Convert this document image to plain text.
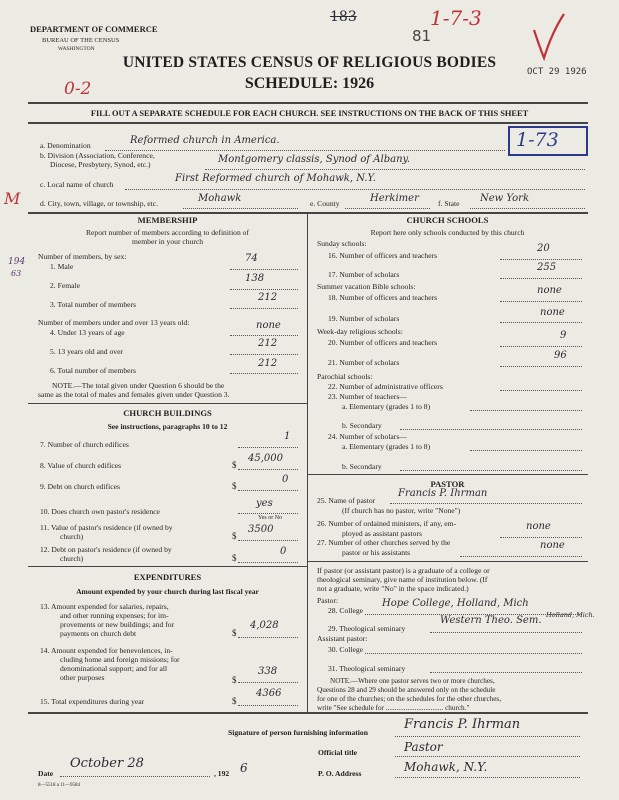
DEPARTMENT OF COMMERCE
BUREAU OF THE CENSUS
WASHINGTON
183
81
1-7-3
OCT 29 1926
UNITED STATES CENSUS OF RELIGIOUS BODIES
SCHEDULE: 1926
0-2
FILL OUT A SEPARATE SCHEDULE FOR EACH CHURCH. SEE INSTRUCTIONS ON THE BACK OF THIS SHEET
1-73
a. Denomination	Reformed church in America.
b. Division (Association, Conference,
Diocese, Presbytery, Synod, etc.)	Montgomery classis, Synod of Albany.
c. Local name of church
First Reformed church of Mohawk, N.Y.
M	d. City, town, village, or township, etc.	Mohawk	e. County	Herkimer	f. State New York
MEMBERSHIP
Report number of members according to definition of
member in your church
194
63
Number of members, by sex:
1. Male
74
2. Female
138
3. Total number of members
212
Number of members under and over 13 years old:
4. Under 13 years of age
none
5. 13 years old and over
212
6. Total number of members
212
NOTE.—The total given under Question 6 should be the
same as the total of males and females given under Question 3.
CHURCH BUILDINGS
See instructions, paragraphs 10 to 12
7. Number of church edifices
1
8. Value of church edifices	$
45,000
9. Debt on church edifices	$
0
10. Does church own pastor's residence
yes
Yes or No
11. Value of pastor's residence (if owned by
church)	$
3500
12. Debt on pastor's residence (if owned by
church)	$
0
EXPENDITURES
Amount expended by your church during last fiscal year
13. Amount expended for salaries, repairs,
and other running expenses; for im-
provements or new buildings; and for
payments on church debt	$
4,028
14. Amount expended for benevolences, in-
cluding home and foreign missions; for
denominational support; and for all
other purposes	$
338
15. Total expenditures during year	$
4366
CHURCH SCHOOLS
Report here only schools conducted by this church
Sunday schools:
16. Number of officers and teachers
20
17. Number of scholars
255
Summer vacation Bible schools:
18. Number of officers and teachers
none
19. Number of scholars
none
Week-day religious schools:
20. Number of officers and teachers
9
21. Number of scholars
96
Parochial schools:
22. Number of administrative officers
23. Number of teachers—
a. Elementary (grades 1 to 8)
b. Secondary
24. Number of scholars—
a. Elementary (grades 1 to 8)
b. Secondary
PASTOR
25. Name of pastor
Francis P. Ihrman
(If church has no pastor, write "None")
26. Number of ordained ministers, if any, em-
ployed as assistant pastors
none
27. Number of other churches served by the
pastor or his assistants
none
If pastor (or assistant pastor) is a graduate of a college or
theological seminary, give name of institution below. (If
not a graduate, write "No" in the space indicated.)
Pastor:
28. College
Hope College, Holland, Mich
29. Theological seminary
Western Theo. Sem. Holland, Mich.
Assistant pastor:
30. College
31. Theological seminary
NOTE.—Where one pastor serves two or more churches,
Questions 28 and 29 should be answered only on the schedule
for one of the churches; on the schedules for the other churches,
write "See schedule for ................................ church."
Signature of person furnishing information
Francis P. Ihrman
Official title	Pastor
Date
October 28
, 192 6	P. O. Address	Mohawk, N.Y.
8—5518 a 11—9584
